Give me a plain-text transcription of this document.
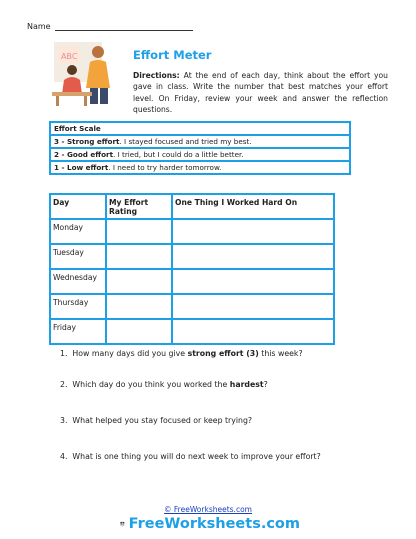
Name
ABC	Effort Meter
Directions: At the end of each day, think about the effort you gave in class. Write the number that best matches your effort level. On Friday, review your week and answer the reflection questions.
Effort Scale
3 - Strong effort. I stayed focused and tried my best.
2 - Good effort. I tried, but I could do a little better.
1 - Low effort. I need to try harder tomorrow.
Day	My Effort Rating	One Thing I Worked Hard On
Monday		
Tuesday		
Wednesday		
Thursday		
Friday		
1. How many days did you give strong effort (3) this week?
2. Which day do you think you worked the hardest?
3. What helped you stay focused or keep trying?
4. What is one thing you will do next week to improve your effort?
© FreeWorksheets.com
FreeWorksheets.com
